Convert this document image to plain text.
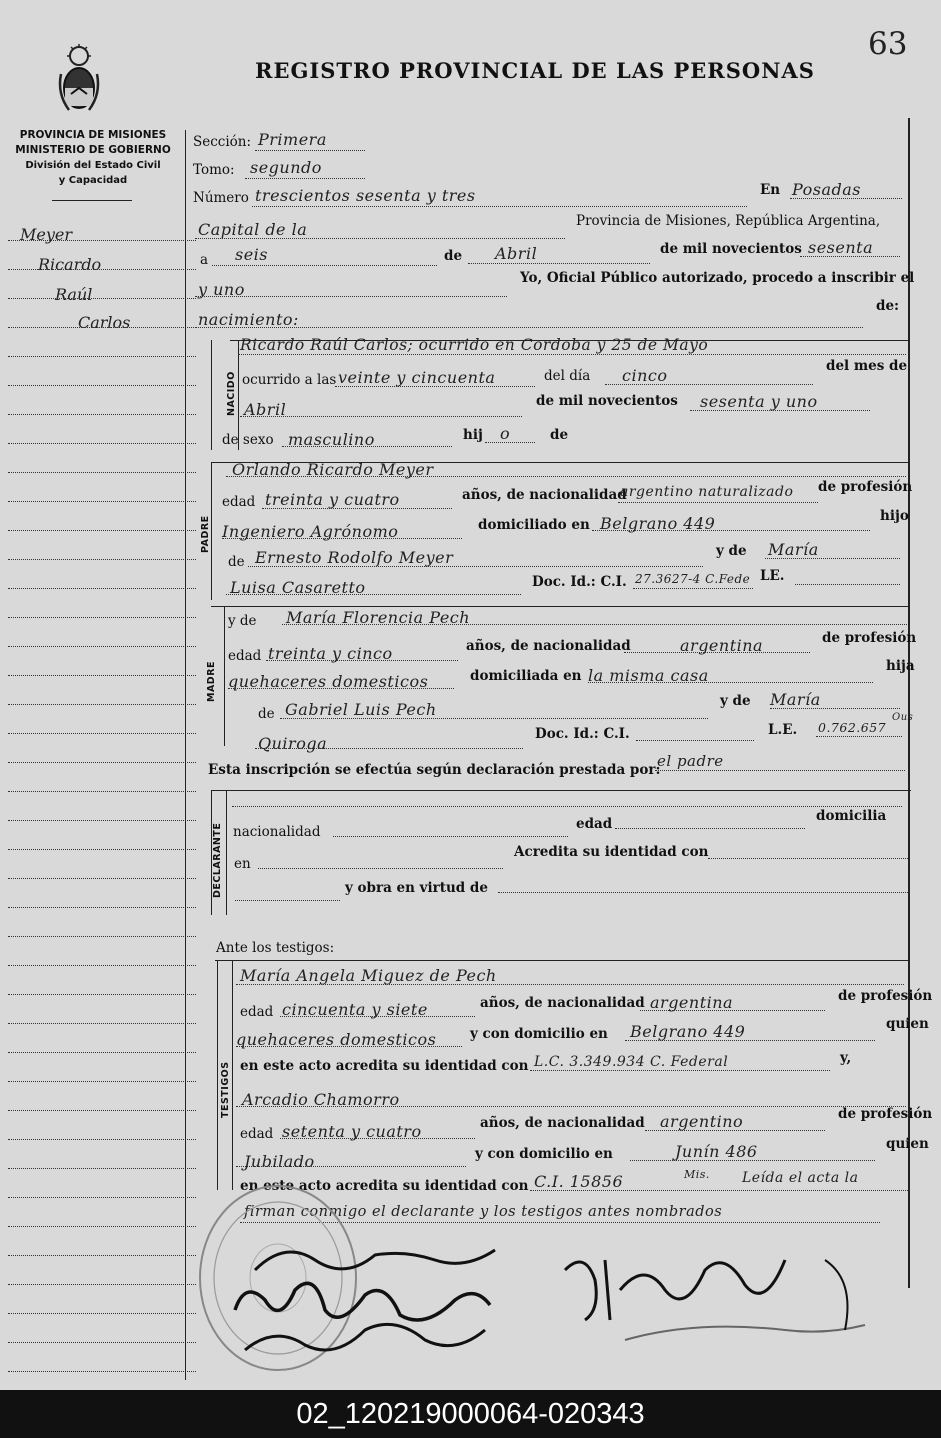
REGISTRO PROVINCIAL DE LAS PERSONAS
63
PROVINCIA DE MISIONES
MINISTERIO DE GOBIERNO
División del Estado Civil
y Capacidad
Meyer
Ricardo
Raúl
Carlos
Sección: Primera
Tomo: segundo
Número trescientos sesenta y tres	En Posadas
Capital de la	Provincia de Misiones, República Argentina,
a seis	de Abril	de mil novecientos sesenta
y uno
Yo, Oficial Público autorizado, procedo a inscribir el
nacimiento:
de:
NACIDO
Ricardo Raúl Carlos; ocurrido en Cordoba y 25 de Mayo
ocurrido a las veinte y cincuenta	del día cinco	del mes de
Abril	de mil novecientos sesenta y uno
de sexo masculino	hij o	de
PADRE
Orlando Ricardo Meyer
edad treinta y cuatro	años, de nacionalidad
argentino naturalizado de profesión
Ingeniero Agrónomo	domiciliado en Belgrano 449	hijo
de Ernesto Rodolfo Meyer	y de María
Luisa Casaretto	Doc. Id.: C.I. 27.3627-4 C.Fede LE.
MADRE
y de María Florencia Pech
edad treinta y cinco	años, de nacionalidad	argentina	de profesión
quehaceres domesticos	domiciliada en la misma casa	hija
de Gabriel Luis Pech	y de María
Quiroga	Doc. Id.: C.I.	L.E. 0.762.657
Ous
Esta inscripción se efectúa según declaración prestada por:
el padre
DECLARANTE nacionalidad	edad	domicilia
en
Acredita su identidad con
y obra en virtud de
Ante los testigos:
TESTIGOS
María Angela Miguez de Pech
edad cincuenta y siete	años, de nacionalidad argentina	de profesión
quehaceres domesticos y con domicilio en Belgrano 449	quien
en este acto acredita su identidad con L.C. 3.349.934 C. Federal	y,
Arcadio Chamorro
edad setenta y cuatro	años, de nacionalidad argentino	de profesión
Jubilado	y con domicilio en	Junín 486	quien
en este acto acredita su identidad con C.I. 15856	Mis. Leída el acta la
firman conmigo el declarante y los testigos antes nombrados
02_120219000064-020343
